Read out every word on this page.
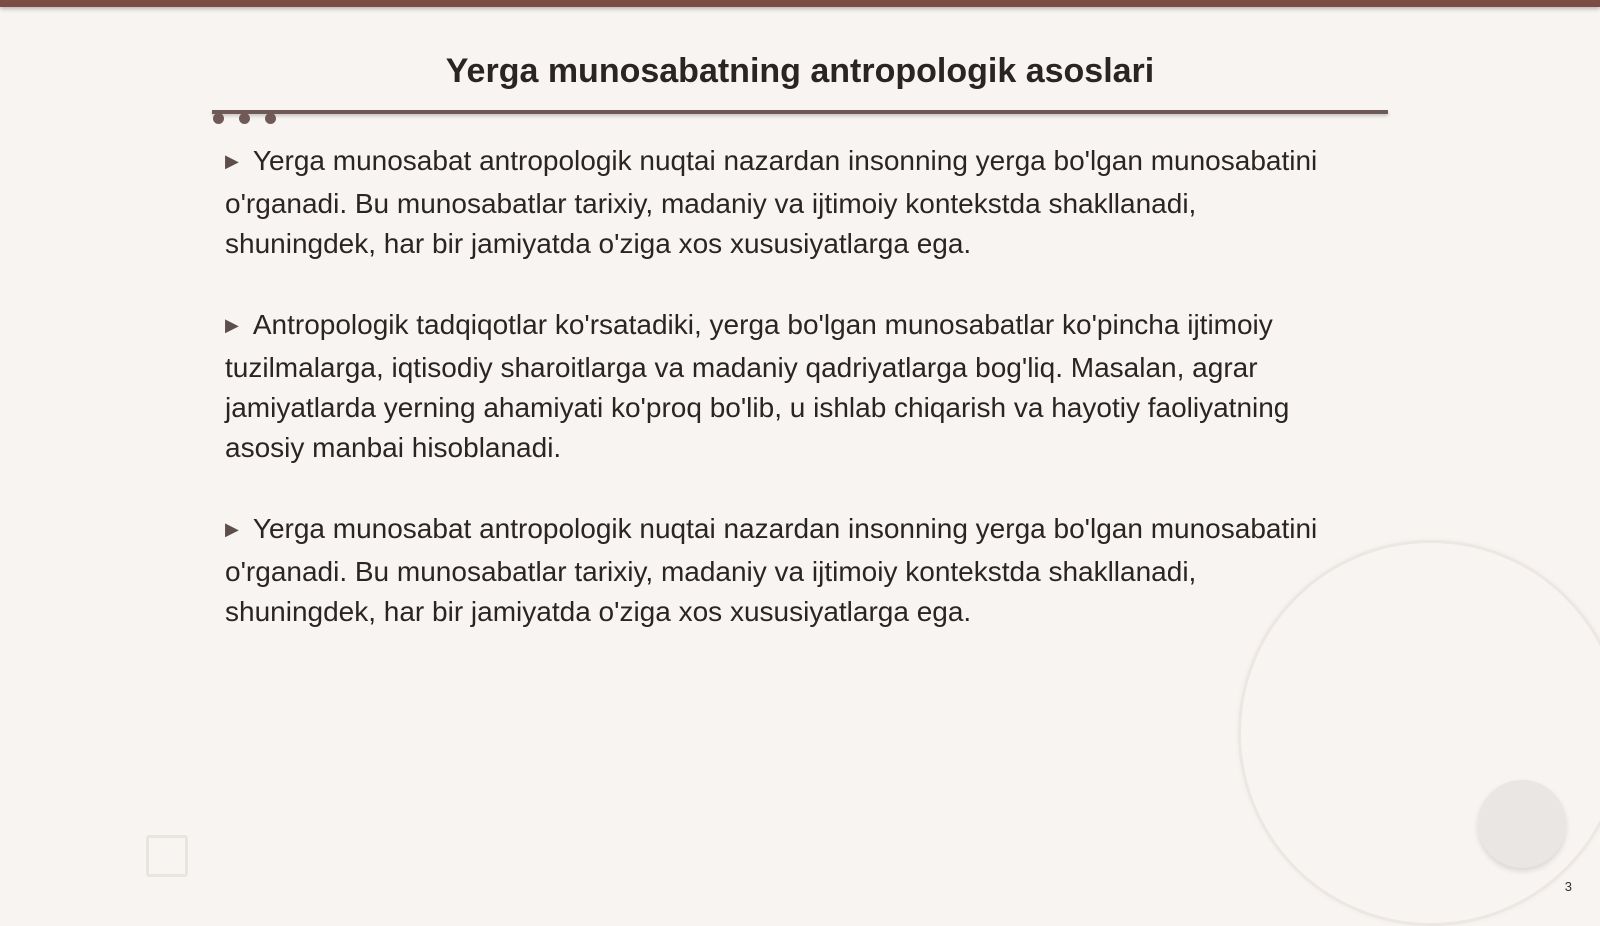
Yerga munosabatning antropologik asoslari

▶ Yerga munosabat antropologik nuqtai nazardan insonning yerga bo'lgan munosabatini o'rganadi. Bu munosabatlar tarixiy, madaniy va ijtimoiy kontekstda shakllanadi, shuningdek, har bir jamiyatda o'ziga xos xususiyatlarga ega.

▶ Antropologik tadqiqotlar ko'rsatadiki, yerga bo'lgan munosabatlar ko'pincha ijtimoiy tuzilmalarga, iqtisodiy sharoitlarga va madaniy qadriyatlarga bog'liq. Masalan, agrar jamiyatlarda yerning ahamiyati ko'proq bo'lib, u ishlab chiqarish va hayotiy faoliyatning asosiy manbai hisoblanadi.

▶ Yerga munosabat antropologik nuqtai nazardan insonning yerga bo'lgan munosabatini o'rganadi. Bu munosabatlar tarixiy, madaniy va ijtimoiy kontekstda shakllanadi, shuningdek, har bir jamiyatda o'ziga xos xususiyatlarga ega.

3
